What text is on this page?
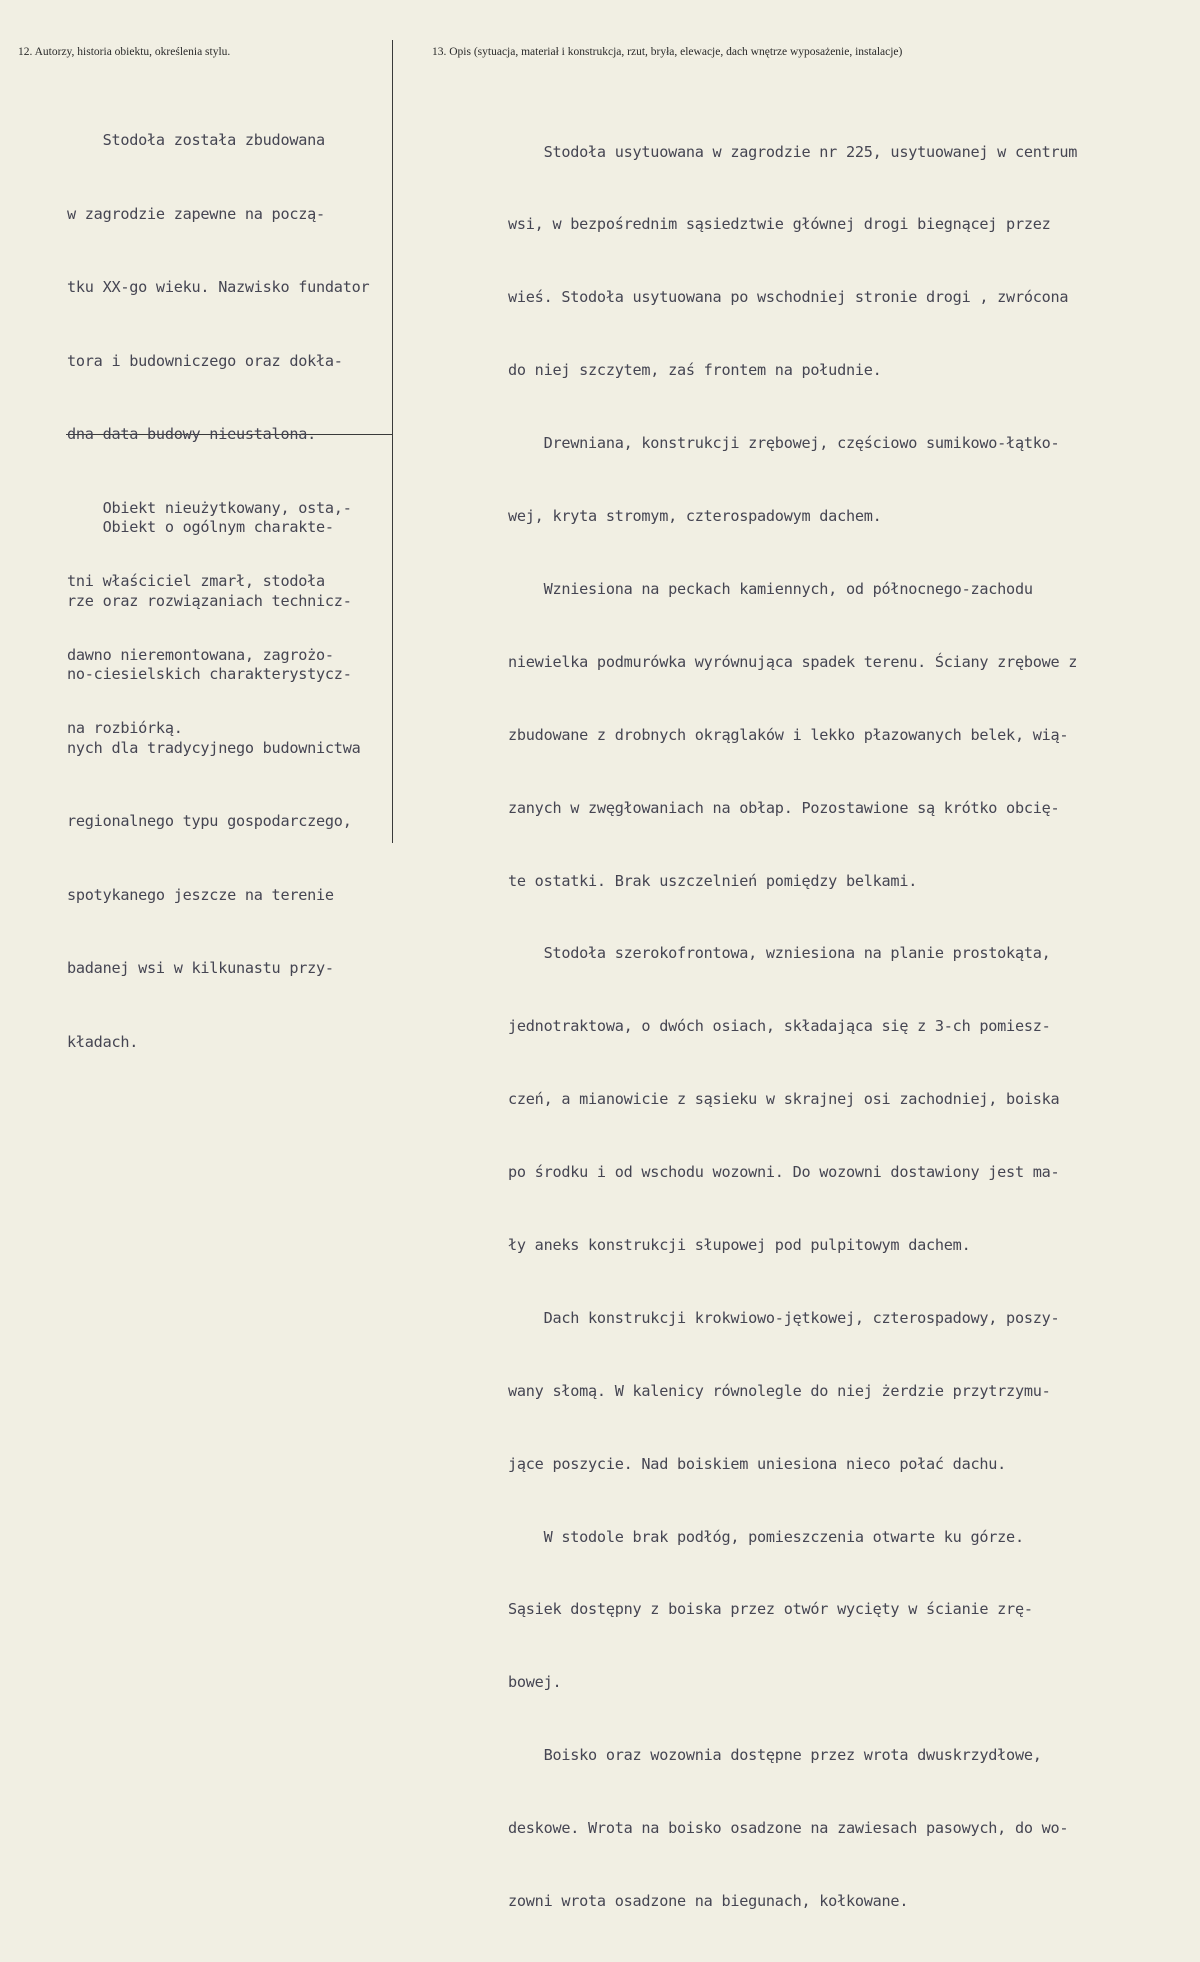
12. Autorzy, historia obiektu, określenia stylu.	13. Opis (sytuacja, materiał i konstrukcja, rzut, bryła, elewacje, dach wnętrze wyposażenie, instalacje)

Stodoła została zbudowana

w zagrodzie zapewne na począ-

tku XX-go wieku. Nazwisko fundator

tora i budowniczego oraz dokła-

dna data budowy nieustalona.

Obiekt nieużytkowany, osta,-

tni właściciel zmarł, stodoła

dawno nieremontowana, zagrożo-

na rozbiórką.

Obiekt o ogólnym charakte-

rze oraz rozwiązaniach technicz-

no-ciesielskich charakterystycz-

nych dla tradycyjnego budownictwa

regionalnego typu gospodarczego,

spotykanego jeszcze na terenie

badanej wsi w kilkunastu przy-

kładach.

Stodoła usytuowana w zagrodzie nr 225, usytuowanej w centrum

wsi, w bezpośrednim sąsiedztwie głównej drogi biegnącej przez

wieś. Stodoła usytuowana po wschodniej stronie drogi , zwrócona

do niej szczytem, zaś frontem na południe.

Drewniana, konstrukcji zrębowej, częściowo sumikowo-łątko-

wej, kryta stromym, czterospadowym dachem.

Wzniesiona na peckach kamiennych, od północnego-zachodu

niewielka podmurówka wyrównująca spadek terenu. Ściany zrębowe z

zbudowane z drobnych okrąglaków i lekko płazowanych belek, wią-

zanych w zwęgłowaniach na obłap. Pozostawione są krótko obcię-

te ostatki. Brak uszczelnień pomiędzy belkami.

Stodoła szerokofrontowa, wzniesiona na planie prostokąta,

jednotraktowa, o dwóch osiach, składająca się z 3-ch pomiesz-

czeń, a mianowicie z sąsieku w skrajnej osi zachodniej, boiska

po środku i od wschodu wozowni. Do wozowni dostawiony jest ma-

ły aneks konstrukcji słupowej pod pulpitowym dachem.

Dach konstrukcji krokwiowo-jętkowej, czterospadowy, poszy-

wany słomą. W kalenicy równolegle do niej żerdzie przytrzymu-

jące poszycie. Nad boiskiem uniesiona nieco połać dachu.

W stodole brak podłóg, pomieszczenia otwarte ku górze.

Sąsiek dostępny z boiska przez otwór wycięty w ścianie zrę-

bowej.

Boisko oraz wozownia dostępne przez wrota dwuskrzydłowe,

deskowe. Wrota na boisko osadzone na zawiesach pasowych, do wo-

zowni wrota osadzone na biegunach, kołkowane.
